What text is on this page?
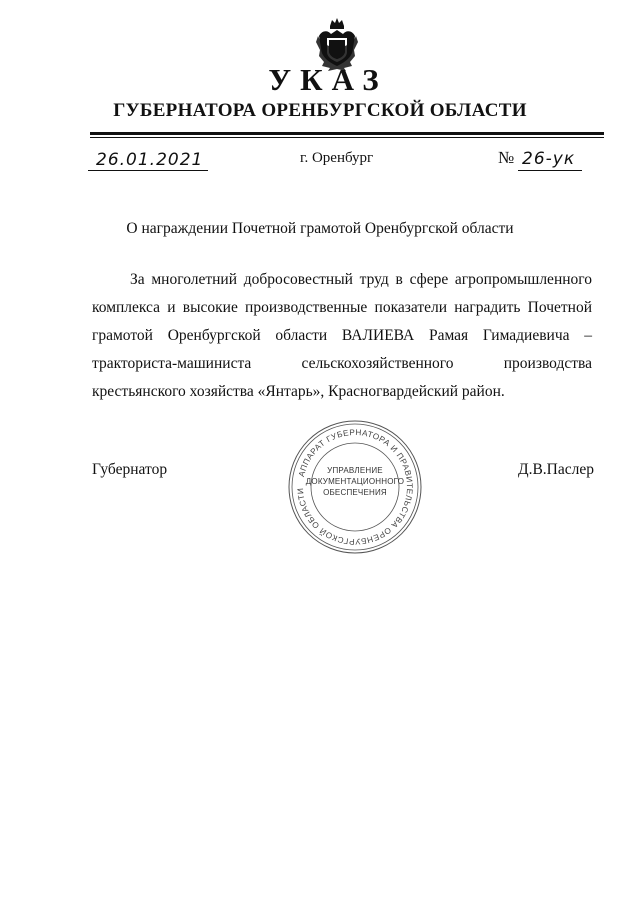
УКАЗ
ГУБЕРНАТОРА ОРЕНБУРГСКОЙ ОБЛАСТИ
26.01.2021	г. Оренбург	№ 26-ук
О награждении Почетной грамотой Оренбургской области
За многолетний добросовестный труд в сфере агропромышленного комплекса и высокие производственные показатели наградить Почетной грамотой Оренбургской области ВАЛИЕВА Рамая Гимадиевича – тракториста-машиниста сельскохозяйственного производства крестьянского хозяйства «Янтарь», Красногвардейский район.
Губернатор	Д.В.Паслер
АППАРАТ ГУБЕРНАТОРА И ПРАВИТЕЛЬСТВА ОРЕНБУРГСКОЙ ОБЛАСТИ
УПРАВЛЕНИЕ
ДОКУМЕНТАЦИОННОГО
ОБЕСПЕЧЕНИЯ
